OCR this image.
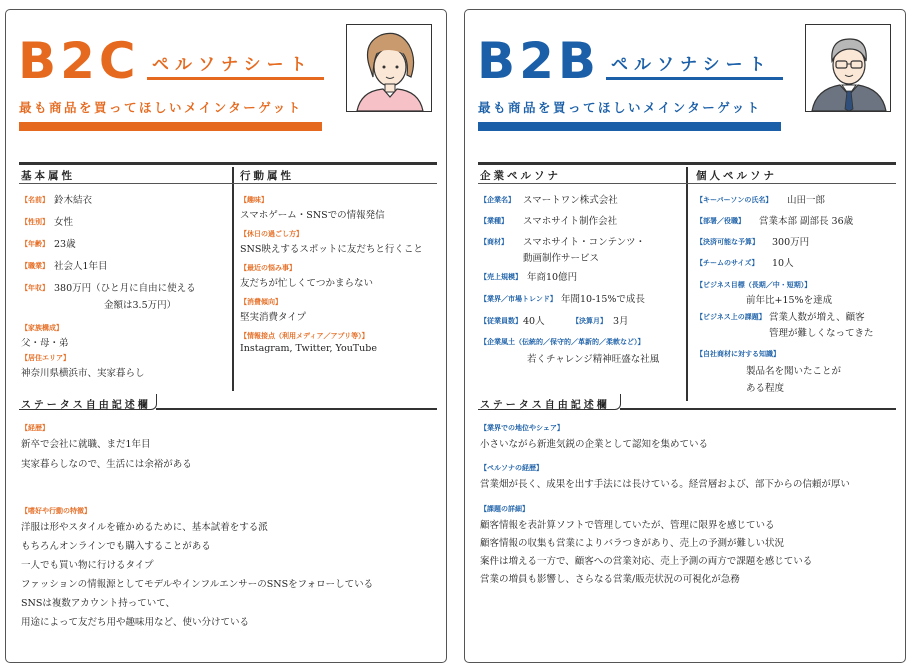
B2C ペルソナシート
最も商品を買ってほしいメインターゲット
基本属性	行動属性
【名前】 鈴木結衣
【性別】 女性
【年齢】 23歳
【職業】 社会人1年目
【年収】 380万円（ひと月に自由に使える
金額は3.5万円）
【家族構成】
父・母・弟
【居住エリア】
神奈川県横浜市、実家暮らし
【趣味】
スマホゲーム・SNSでの情報発信
【休日の過ごし方】
SNS映えするスポットに友だちと行くこと
【最近の悩み事】
友だちが忙しくてつかまらない
【消費傾向】
堅実消費タイプ
【情報接点（利用メディア／アプリ等）】
Instagram, Twitter, YouTube
ステータス自由記述欄
【経歴】
新卒で会社に就職、まだ1年目
実家暮らしなので、生活には余裕がある
【嗜好や行動の特徴】
洋服は形やスタイルを確かめるために、基本試着をする派
もちろんオンラインでも購入することがある
一人でも買い物に行けるタイプ
ファッションの情報源としてモデルやインフルエンサーのSNSをフォローしている
SNSは複数アカウント持っていて、
用途によって友だち用や趣味用など、使い分けている
B2B ペルソナシート
最も商品を買ってほしいメインターゲット
企業ペルソナ	個人ペルソナ
【企業名】 スマートワン株式会社
【業種】 スマホサイト制作会社
【商材】 スマホサイト・コンテンツ・
動画制作サービス
【売上規模】 年商10億円
【業界／市場トレンド】 年間10-15%で成長
【従業員数】 40人	【決算月】 3月
【企業風土（伝統的／保守的／革新的／柔軟など）】
若くチャレンジ精神旺盛な社風
【キーパーソンの氏名】 山田一郎
【部署／役職】 営業本部 副部長 36歳
【決済可能な予算】 300万円
【チームのサイズ】 10人
【ビジネス目標（長期／中・短期）】
前年比+15%を達成
【ビジネス上の課題】 営業人数が増え、顧客
管理が難しくなってきた
【自社商材に対する知識】
製品名を聞いたことが
ある程度
ステータス自由記述欄
【業界での地位やシェア】
小さいながら新進気鋭の企業として認知を集めている
【ペルソナの経歴】
営業畑が長く、成果を出す手法には長けている。経営層および、部下からの信頼が厚い
【課題の詳細】
顧客情報を表計算ソフトで管理していたが、管理に限界を感じている
顧客情報の収集も営業によりバラつきがあり、売上の予測が難しい状況
案件は増える一方で、顧客への営業対応、売上予測の両方で課題を感じている
営業の増員も影響し、さらなる営業/販売状況の可視化が急務
